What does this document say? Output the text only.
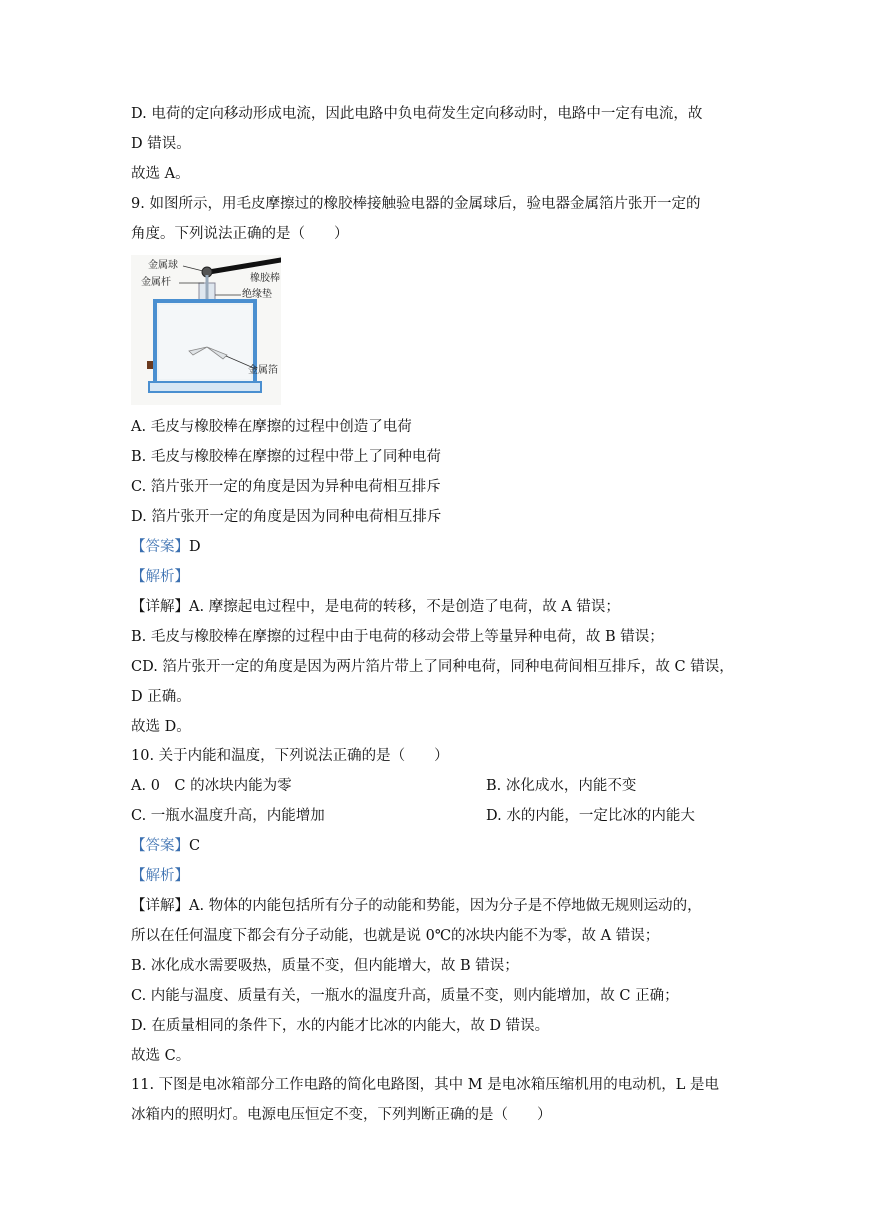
D. 电荷的定向移动形成电流，因此电路中负电荷发生定向移动时，电路中一定有电流，故
D 错误。
故选 A。
9. 如图所示，用毛皮摩擦过的橡胶棒接触验电器的金属球后，验电器金属箔片张开一定的
角度。下列说法正确的是（　　）
金属球
金属杆	橡胶棒
绝缘垫
金属箔
A. 毛皮与橡胶棒在摩擦的过程中创造了电荷
B. 毛皮与橡胶棒在摩擦的过程中带上了同种电荷
C. 箔片张开一定的角度是因为异种电荷相互排斥
D. 箔片张开一定的角度是因为同种电荷相互排斥
【答案】D
【解析】
【详解】A. 摩擦起电过程中，是电荷的转移，不是创造了电荷，故 A 错误；
B. 毛皮与橡胶棒在摩擦的过程中由于电荷的移动会带上等量异种电荷，故 B 错误；
CD. 箔片张开一定的角度是因为两片箔片带上了同种电荷，同种电荷间相互排斥，故 C 错误，
D 正确。
故选 D。
10. 关于内能和温度，下列说法正确的是（　　）
A. 0　C 的冰块内能为零	B. 冰化成水，内能不变
C. 一瓶水温度升高，内能增加	D. 水的内能，一定比冰的内能大
【答案】C
【解析】
【详解】A. 物体的内能包括所有分子的动能和势能，因为分子是不停地做无规则运动的，
所以在任何温度下都会有分子动能，也就是说 0℃的冰块内能不为零，故 A 错误；
B. 冰化成水需要吸热，质量不变，但内能增大，故 B 错误；
C. 内能与温度、质量有关，一瓶水的温度升高，质量不变，则内能增加，故 C 正确；
D. 在质量相同的条件下，水的内能才比冰的内能大，故 D 错误。
故选 C。
11. 下图是电冰箱部分工作电路的简化电路图，其中 M 是电冰箱压缩机用的电动机，L 是电
冰箱内的照明灯。电源电压恒定不变，下列判断正确的是（　　）
